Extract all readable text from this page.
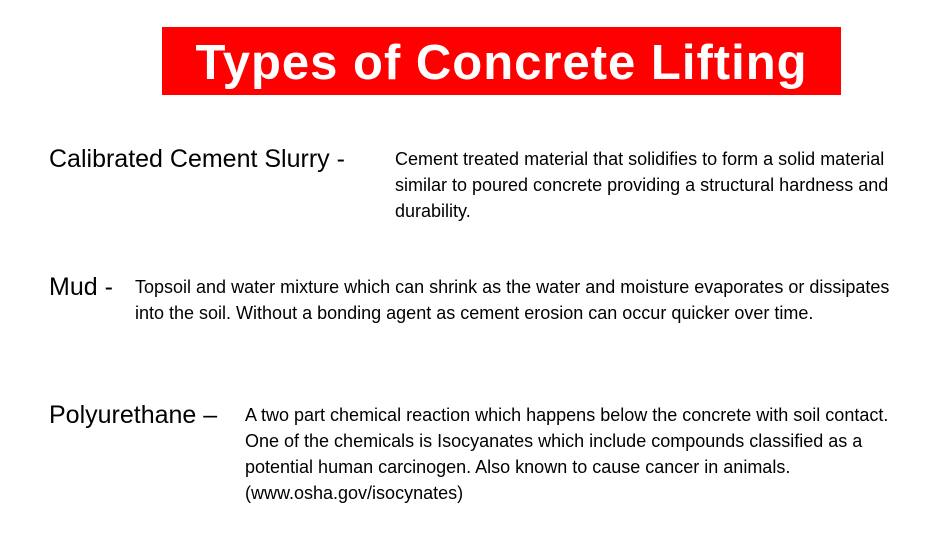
Types of Concrete Lifting
Calibrated Cement Slurry -	Cement treated material that solidifies to form a solid material similar to poured concrete providing a structural hardness and durability.
Mud -	Topsoil and water mixture which can shrink as the water and moisture evaporates or dissipates into the soil. Without a bonding agent as cement erosion can occur quicker over time.
Polyurethane –	A two part chemical reaction which happens below the concrete with soil contact. One of the chemicals is Isocyanates which include compounds classified as a potential human carcinogen. Also known to cause cancer in animals. (www.osha.gov/isocynates)
